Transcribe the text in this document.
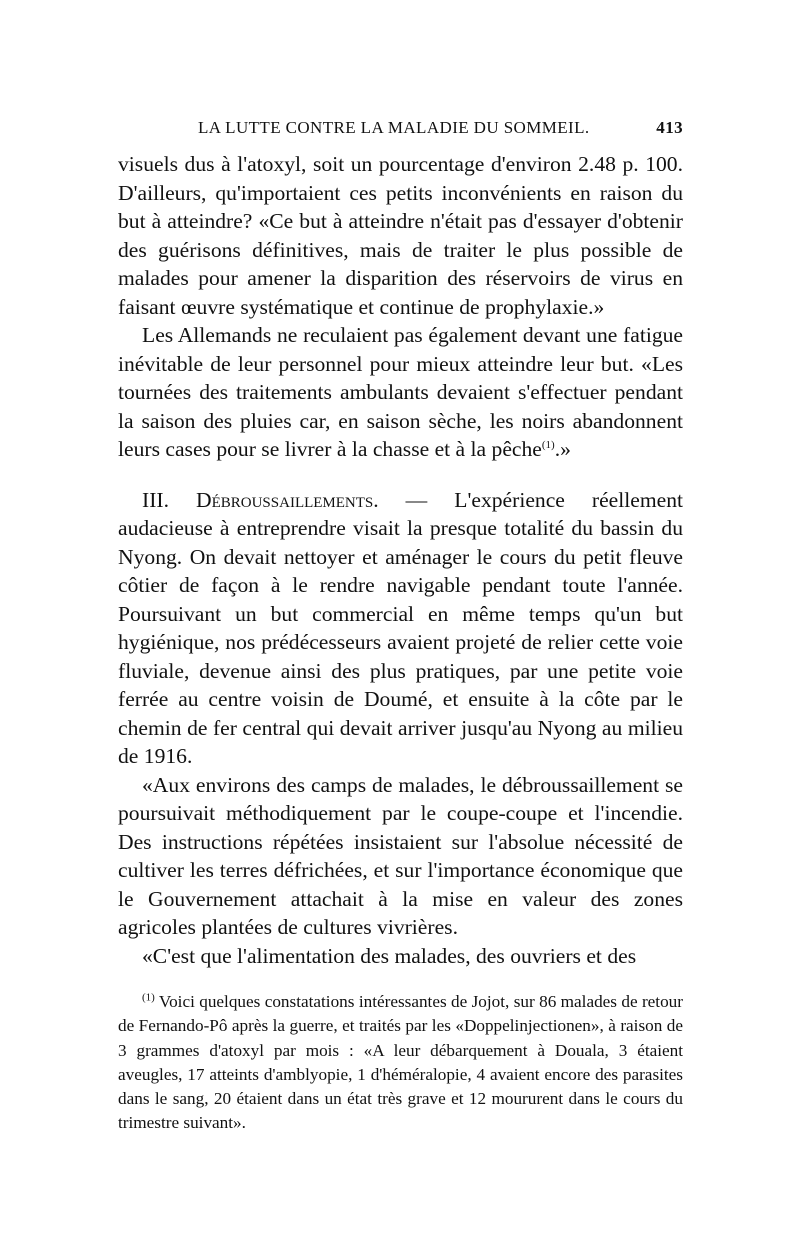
LA LUTTE CONTRE LA MALADIE DU SOMMEIL.	413

visuels dus à l'atoxyl, soit un pourcentage d'environ 2.48 p. 100. D'ailleurs, qu'importaient ces petits inconvénients en raison du but à atteindre? «Ce but à atteindre n'était pas d'essayer d'obtenir des guérisons définitives, mais de traiter le plus possible de malades pour amener la disparition des réservoirs de virus en faisant œuvre systématique et continue de prophylaxie.»

Les Allemands ne reculaient pas également devant une fatigue inévitable de leur personnel pour mieux atteindre leur but. «Les tournées des traitements ambulants devaient s'effectuer pendant la saison des pluies car, en saison sèche, les noirs abandonnent leurs cases pour se livrer à la chasse et à la pêche$^{(1)}$.»

III. Débroussaillements. — L'expérience réellement audacieuse à entreprendre visait la presque totalité du bassin du Nyong. On devait nettoyer et aménager le cours du petit fleuve côtier de façon à le rendre navigable pendant toute l'année. Poursuivant un but commercial en même temps qu'un but hygiénique, nos prédécesseurs avaient projeté de relier cette voie fluviale, devenue ainsi des plus pratiques, par une petite voie ferrée au centre voisin de Doumé, et ensuite à la côte par le chemin de fer central qui devait arriver jusqu'au Nyong au milieu de 1916.

«Aux environs des camps de malades, le débroussaillement se poursuivait méthodiquement par le coupe-coupe et l'incendie. Des instructions répétées insistaient sur l'absolue nécessité de cultiver les terres défrichées, et sur l'importance économique que le Gouvernement attachait à la mise en valeur des zones agricoles plantées de cultures vivrières.

«C'est que l'alimentation des malades, des ouvriers et des

$^{(1)}$ Voici quelques constatations intéressantes de Jojot, sur 86 malades de retour de Fernando-Pô après la guerre, et traités par les «Doppelinjectionen», à raison de 3 grammes d'atoxyl par mois : «A leur débarquement à Douala, 3 étaient aveugles, 17 atteints d'amblyopie, 1 d'héméralopie, 4 avaient encore des parasites dans le sang, 20 étaient dans un état très grave et 12 moururent dans le cours du trimestre suivant».
